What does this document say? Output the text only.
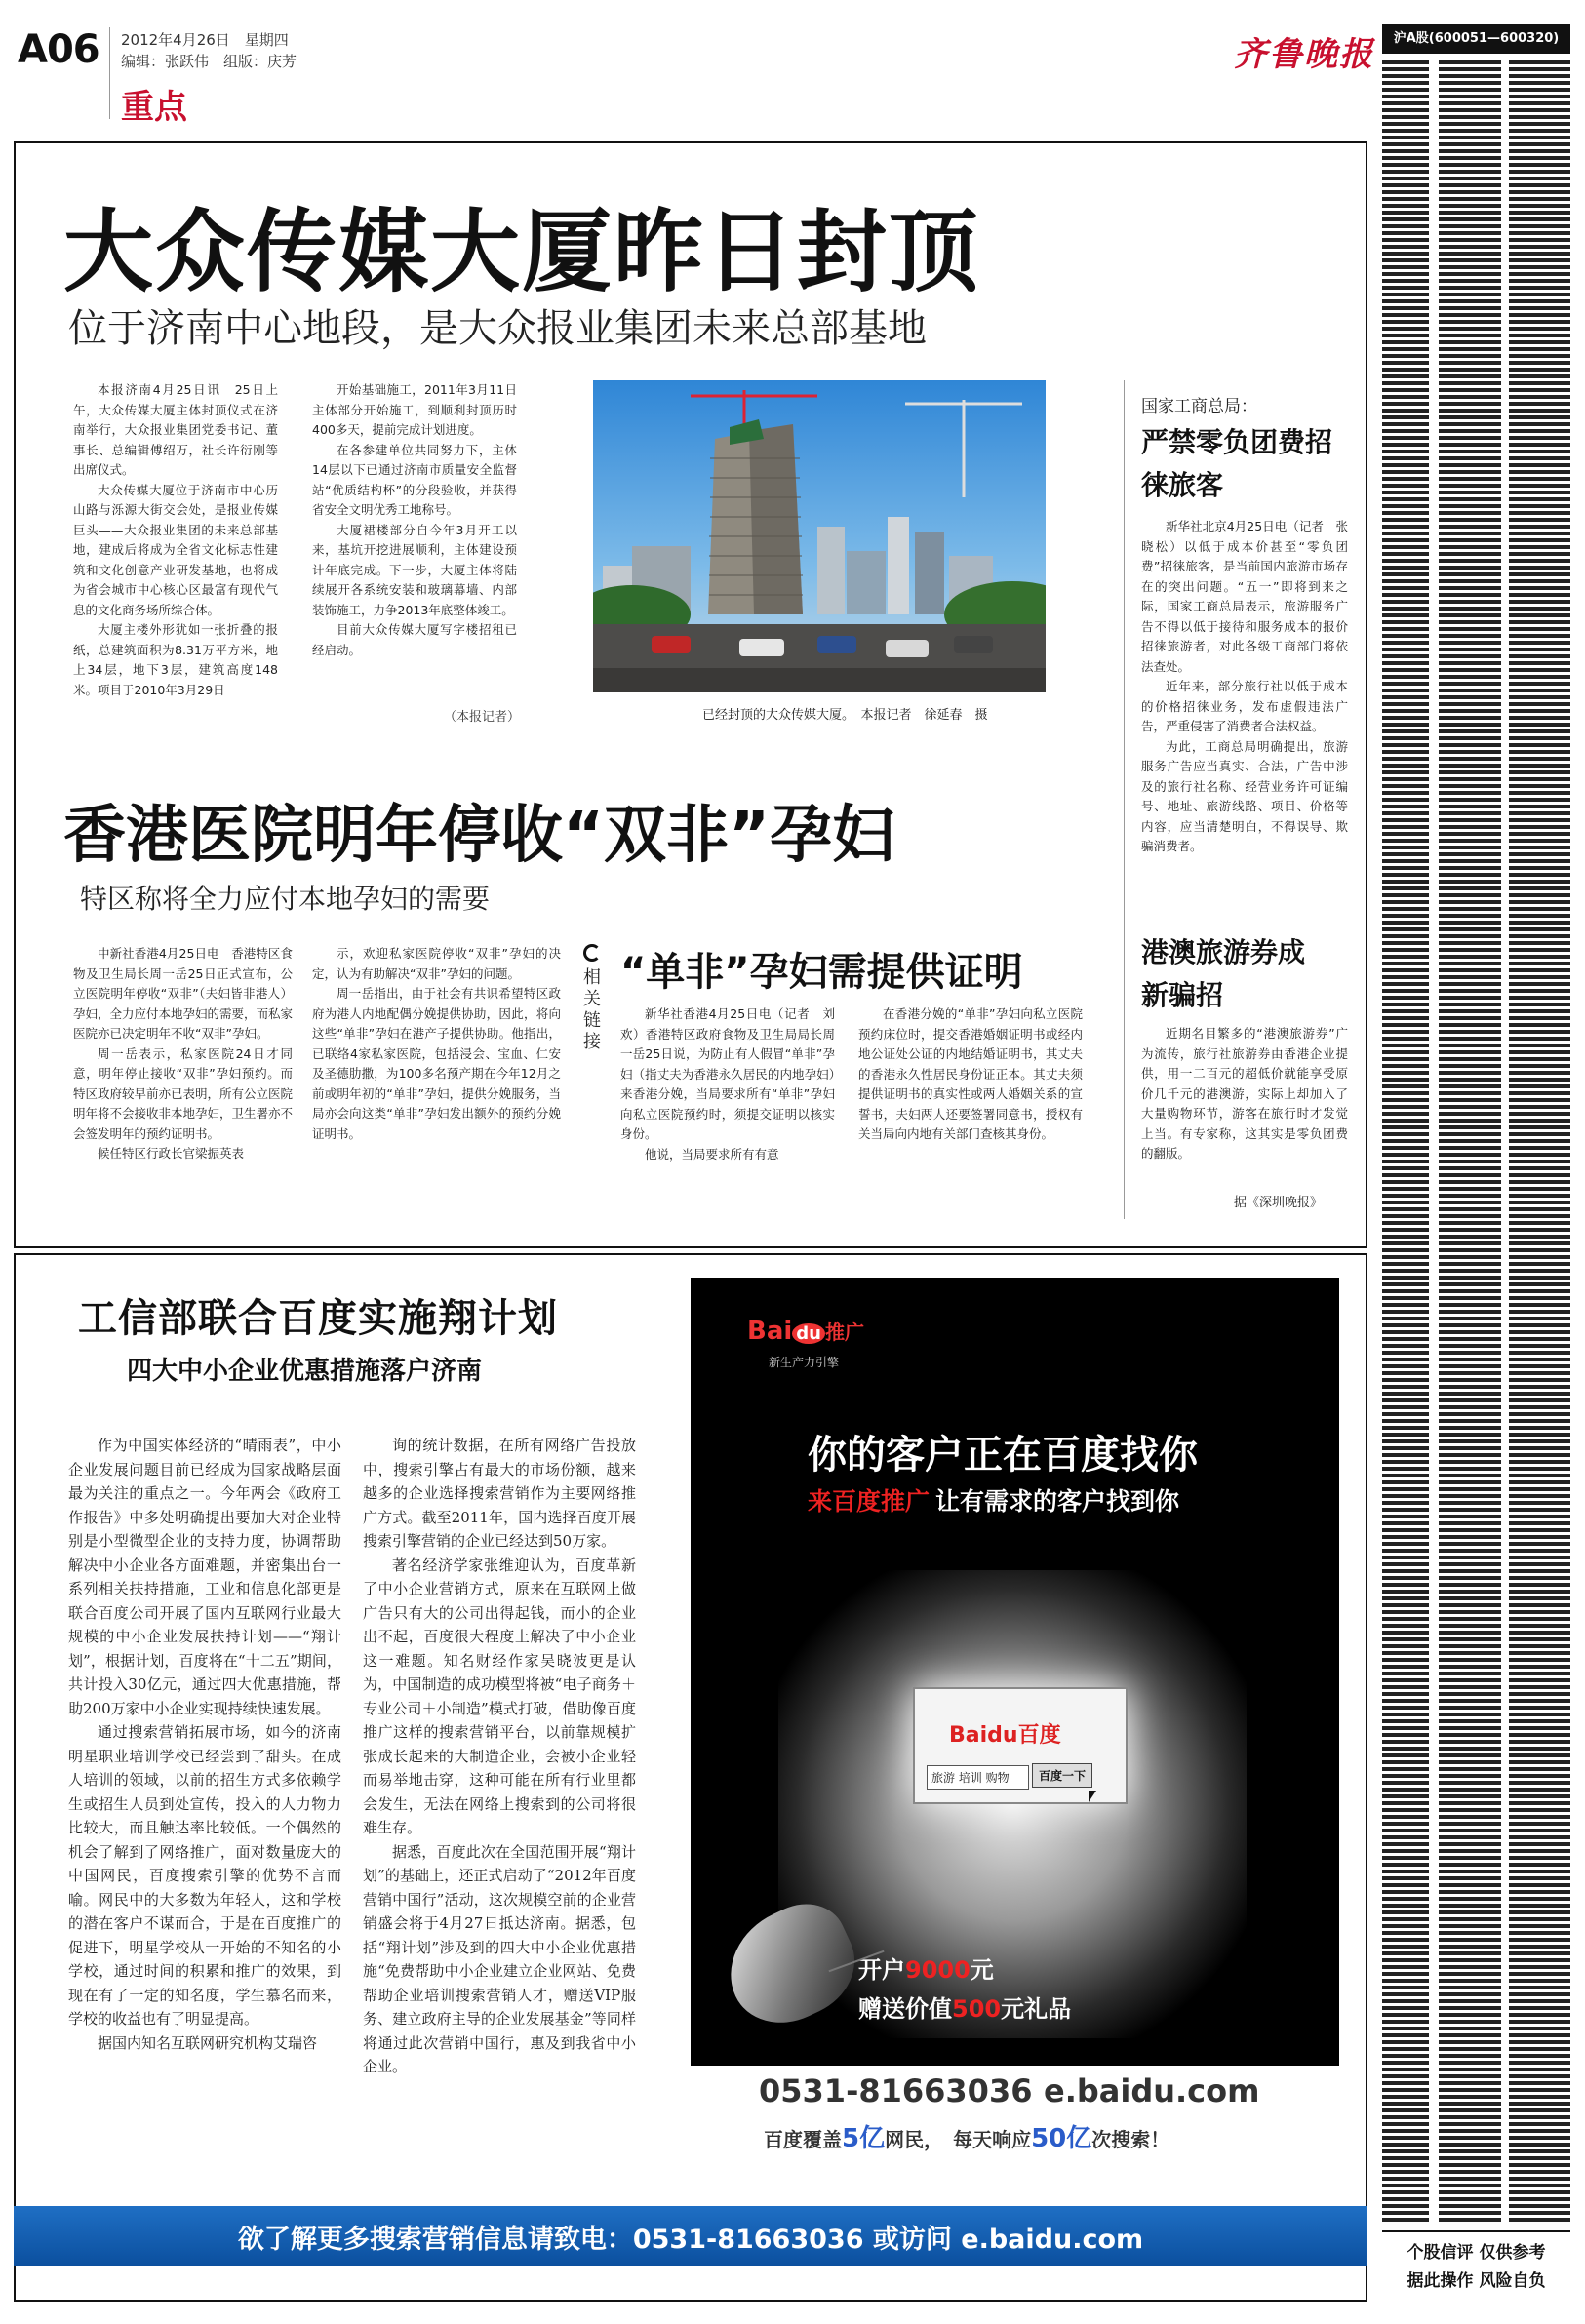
A06 2012年4月26日　星期四
编辑：张跃伟　组版：庆芳
重点
齐鲁晚报
大众传媒大厦昨日封顶
位于济南中心地段，是大众报业集团未来总部基地

本报济南4月25日讯　25日上午，大众传媒大厦主体封顶仪式在济南举行，大众报业集团党委书记、董事长、总编辑傅绍万，社长许衍刚等出席仪式。

大众传媒大厦位于济南市中心历山路与泺源大街交会处，是报业传媒巨头——大众报业集团的未来总部基地，建成后将成为全省文化标志性建筑和文化创意产业研发基地，也将成为省会城市中心核心区最富有现代气息的文化商务场所综合体。

大厦主楼外形犹如一张折叠的报纸，总建筑面积为8.31万平方米，地上34层，地下3层，建筑高度148米。项目于2010年3月29日

开始基础施工，2011年3月11日主体部分开始施工，到顺利封顶历时400多天，提前完成计划进度。

在各参建单位共同努力下，主体14层以下已通过济南市质量安全监督站“优质结构杯”的分段验收，并获得省安全文明优秀工地称号。

大厦裙楼部分自今年3月开工以来，基坑开挖进展顺利，主体建设预计年底完成。下一步，大厦主体将陆续展开各系统安装和玻璃幕墙、内部装饰施工，力争2013年底整体竣工。

目前大众传媒大厦写字楼招租已经启动。

（本报记者）	已经封顶的大众传媒大厦。　本报记者　徐延春　摄
国家工商总局：
严禁零负团费招徕旅客

新华社北京4月25日电（记者　张晓松）以低于成本价甚至“零负团费”招徕旅客，是当前国内旅游市场存在的突出问题。“五一”即将到来之际，国家工商总局表示，旅游服务广告不得以低于接待和服务成本的报价招徕旅游者，对此各级工商部门将依法查处。

近年来，部分旅行社以低于成本的价格招徕业务，发布虚假违法广告，严重侵害了消费者合法权益。

为此，工商总局明确提出，旅游服务广告应当真实、合法，广告中涉及的旅行社名称、经营业务许可证编号、地址、旅游线路、项目、价格等内容，应当清楚明白，不得误导、欺骗消费者。

港澳旅游券成新骗招

近期名目繁多的“港澳旅游券”广为流传，旅行社旅游券由香港企业提供，用一二百元的超低价就能享受原价几千元的港澳游，实际上却加入了大量购物环节，游客在旅行时才发觉上当。有专家称，这其实是零负团费的翻版。

据《深圳晚报》
香港医院明年停收“双非”孕妇
特区称将全力应付本地孕妇的需要

中新社香港4月25日电　香港特区食物及卫生局长周一岳25日正式宣布，公立医院明年停收“双非”（夫妇皆非港人）孕妇，全力应付本地孕妇的需要，而私家医院亦已决定明年不收“双非”孕妇。

周一岳表示，私家医院24日才同意，明年停止接收“双非”孕妇预约。而特区政府较早前亦已表明，所有公立医院明年将不会接收非本地孕妇，卫生署亦不会签发明年的预约证明书。

候任特区行政长官梁振英表

示，欢迎私家医院停收“双非”孕妇的决定，认为有助解决“双非”孕妇的问题。

周一岳指出，由于社会有共识希望特区政府为港人内地配偶分娩提供协助，因此，将向这些“单非”孕妇在港产子提供协助。他指出，已联络4家私家医院，包括浸会、宝血、仁安及圣德肋撒，为100多名预产期在今年12月之前或明年初的“单非”孕妇，提供分娩服务，当局亦会向这类“单非”孕妇发出额外的预约分娩证明书。

相关链接
“单非”孕妇需提供证明

新华社香港4月25日电（记者　刘欢）香港特区政府食物及卫生局局长周一岳25日说，为防止有人假冒“单非”孕妇（指丈夫为香港永久居民的内地孕妇）来香港分娩，当局要求所有“单非”孕妇向私立医院预约时，须提交证明以核实身份。

他说，当局要求所有有意

在香港分娩的“单非”孕妇向私立医院预约床位时，提交香港婚姻证明书或经内地公证处公证的内地结婚证明书，其丈夫的香港永久性居民身份证正本。其丈夫须提供证明书的真实性或两人婚姻关系的宣誓书，夫妇两人还要签署同意书，授权有关当局向内地有关部门查核其身份。

工信部联合百度实施翔计划
四大中小企业优惠措施落户济南

作为中国实体经济的“晴雨表”，中小企业发展问题目前已经成为国家战略层面最为关注的重点之一。今年两会《政府工作报告》中多处明确提出要加大对企业特别是小型微型企业的支持力度，协调帮助解决中小企业各方面难题，并密集出台一系列相关扶持措施，工业和信息化部更是联合百度公司开展了国内互联网行业最大规模的中小企业发展扶持计划——“翔计划”，根据计划，百度将在“十二五”期间，共计投入30亿元，通过四大优惠措施，帮助200万家中小企业实现持续快速发展。

通过搜索营销拓展市场，如今的济南明星职业培训学校已经尝到了甜头。在成人培训的领域，以前的招生方式多依赖学生或招生人员到处宣传，投入的人力物力比较大，而且触达率比较低。一个偶然的机会了解到了网络推广，面对数量庞大的中国网民，百度搜索引擎的优势不言而喻。网民中的大多数为年轻人，这和学校的潜在客户不谋而合，于是在百度推广的促进下，明星学校从一开始的不知名的小学校，通过时间的积累和推广的效果，到现在有了一定的知名度，学生慕名而来，学校的收益也有了明显提高。

据国内知名互联网研究机构艾瑞咨

询的统计数据，在所有网络广告投放中，搜索引擎占有最大的市场份额，越来越多的企业选择搜索营销作为主要网络推广方式。截至2011年，国内选择百度开展搜索引擎营销的企业已经达到50万家。

著名经济学家张维迎认为，百度革新了中小企业营销方式，原来在互联网上做广告只有大的公司出得起钱，而小的企业出不起，百度很大程度上解决了中小企业这一难题。知名财经作家吴晓波更是认为，中国制造的成功模型将被“电子商务＋专业公司＋小制造”模式打破，借助像百度推广这样的搜索营销平台，以前靠规模扩张成长起来的大制造企业，会被小企业轻而易举地击穿，这种可能在所有行业里都会发生，无法在网络上搜索到的公司将很难生存。

据悉，百度此次在全国范围开展“翔计划”的基础上，还正式启动了“2012年百度营销中国行”活动，这次规模空前的企业营销盛会将于4月27日抵达济南。据悉，包括“翔计划”涉及到的四大中小企业优惠措施“免费帮助中小企业建立企业网站、免费帮助企业培训搜索营销人才，赠送VIP服务、建立政府主导的企业发展基金”等同样将通过此次营销中国行，惠及到我省中小企业。

Bai du 推广
新生产力引擎
你的客户正在百度找你
来百度推广 让有需求的客户找到你
Baidu百度
旅游 培训 购物	百度一下
开户9000元
赠送价值500元礼品
0531-81663036 e.baidu.com
百度覆盖5亿网民，　每天响应50亿次搜索！
欲了解更多搜索营销信息请致电：0531-81663036 或访问 e.baidu.com
沪A股(600051—600320)
个股信评 仅供参考
据此操作 风险自负
